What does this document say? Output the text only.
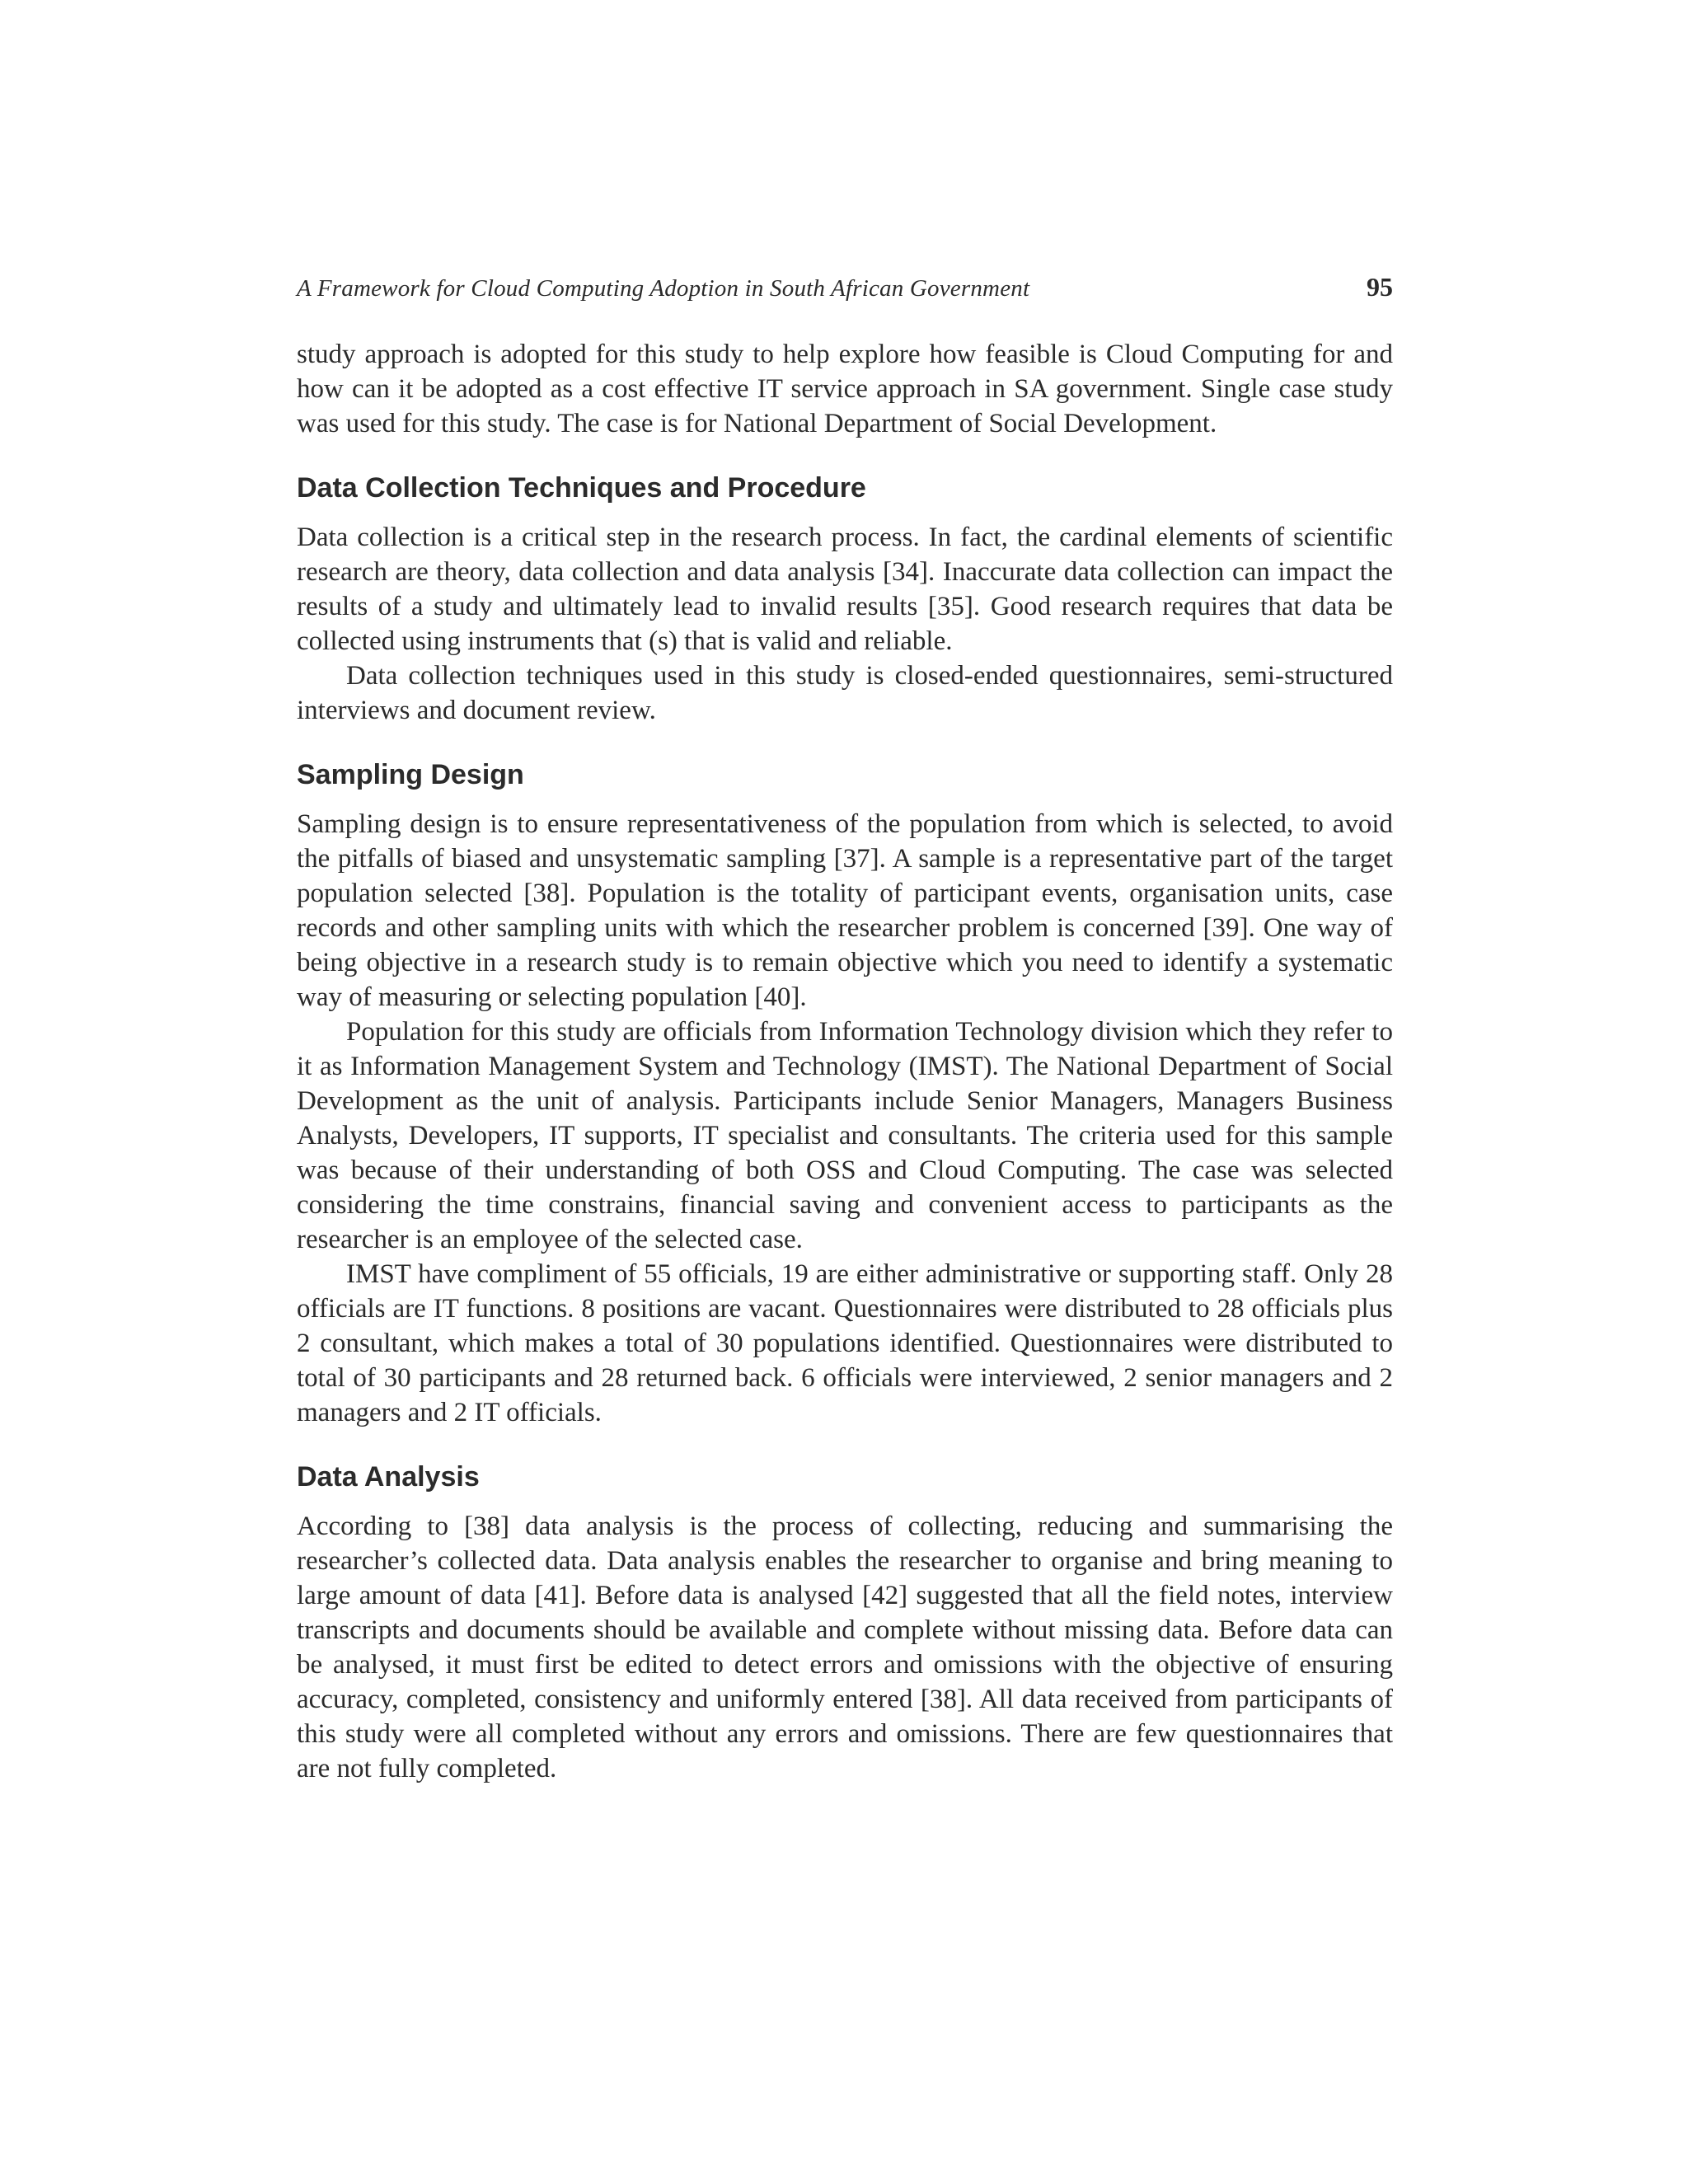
A Framework for Cloud Computing Adoption in South African Government	95

study approach is adopted for this study to help explore how feasible is Cloud Computing for and how can it be adopted as a cost effective IT service approach in SA government. Single case study was used for this study. The case is for National Department of Social Development.

Data Collection Techniques and Procedure

Data collection is a critical step in the research process. In fact, the cardinal elements of scientific research are theory, data collection and data analysis [34]. Inaccurate data collection can impact the results of a study and ultimately lead to invalid results [35]. Good research requires that data be collected using instruments that (s) that is valid and reliable.

Data collection techniques used in this study is closed-ended questionnaires, semi-structured interviews and document review.

Sampling Design

Sampling design is to ensure representativeness of the population from which is selected, to avoid the pitfalls of biased and unsystematic sampling [37]. A sample is a representative part of the target population selected [38]. Population is the totality of participant events, organisation units, case records and other sampling units with which the researcher problem is concerned [39]. One way of being objective in a research study is to remain objective which you need to identify a systematic way of measuring or selecting population [40].

Population for this study are officials from Information Technology division which they refer to it as Information Management System and Technology (IMST). The National Department of Social Development as the unit of analysis. Participants include Senior Managers, Managers Business Analysts, Developers, IT supports, IT specialist and consultants. The criteria used for this sample was because of their understanding of both OSS and Cloud Computing. The case was selected considering the time constrains, financial saving and convenient access to participants as the researcher is an employee of the selected case.

IMST have compliment of 55 officials, 19 are either administrative or supporting staff. Only 28 officials are IT functions. 8 positions are vacant. Questionnaires were distributed to 28 officials plus 2 consultant, which makes a total of 30 populations identified. Questionnaires were distributed to total of 30 participants and 28 returned back. 6 officials were interviewed, 2 senior managers and 2 managers and 2 IT officials.

Data Analysis

According to [38] data analysis is the process of collecting, reducing and summarising the researcher’s collected data. Data analysis enables the researcher to organise and bring meaning to large amount of data [41]. Before data is analysed [42] suggested that all the field notes, interview transcripts and documents should be available and complete without missing data. Before data can be analysed, it must first be edited to detect errors and omissions with the objective of ensuring accuracy, completed, consistency and uniformly entered [38]. All data received from participants of this study were all completed without any errors and omissions. There are few questionnaires that are not fully completed.
